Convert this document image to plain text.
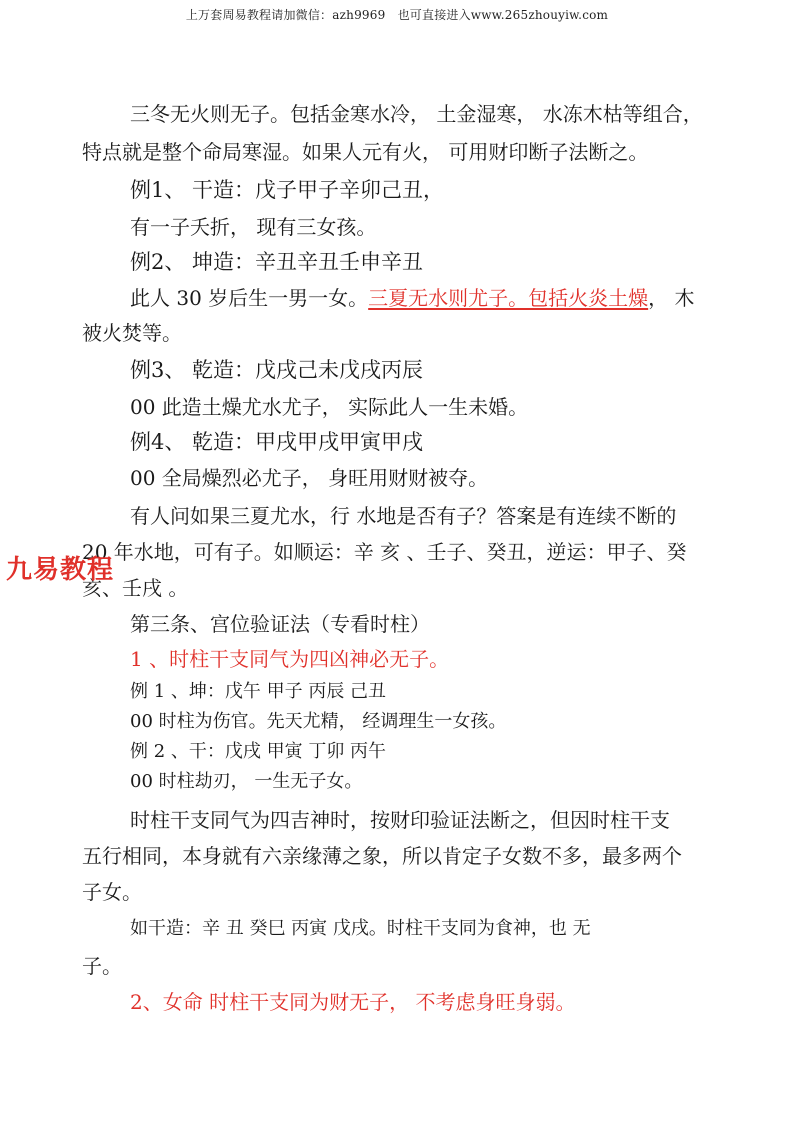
上万套周易教程请加微信：azh9969　也可直接进入www.265zhouyiw.com
三冬无火则无子。包括金寒水冷， 土金湿寒， 水冻木枯等组合，
特点就是整个命局寒湿。如果人元有火， 可用财印断子法断之。
例1、 干造：戊子甲子辛卯己丑，
有一子夭折， 现有三女孩。
例2、 坤造：辛丑辛丑壬申辛丑
此人 30 岁后生一男一女。三夏无水则尤子。包括火炎土燥， 木
被火焚等。
例3、 乾造：戊戌己未戊戌丙辰
00 此造土燥尤水尤子， 实际此人一生未婚。
例4、 乾造：甲戌甲戌甲寅甲戌
00 全局燥烈必尤子， 身旺用财财被夺。
有人问如果三夏尤水，行 水地是否有子？答案是有连续不断的
20 年水地，可有子。如顺运：辛 亥 、壬子、癸丑，逆运：甲子、癸
亥、壬戌 。
第三条、宫位验证法（专看时柱）
1 、时柱干支同气为四凶神必无子。
例 1 、坤：戊午 甲子 丙辰 己丑
00 时柱为伤官。先天尤精， 经调理生一女孩。
例 2 、干：戊戌 甲寅 丁卯 丙午
00 时柱劫刃， 一生无子女。
时柱干支同气为四吉神时，按财印验证法断之，但因时柱干支
五行相同，本身就有六亲缘薄之象，所以肯定子女数不多，最多两个
子女。
如干造：辛 丑 癸巳 丙寅 戊戌。时柱干支同为食神，也 无
子。
2、女命 时柱干支同为财无子， 不考虑身旺身弱。
九易教程
